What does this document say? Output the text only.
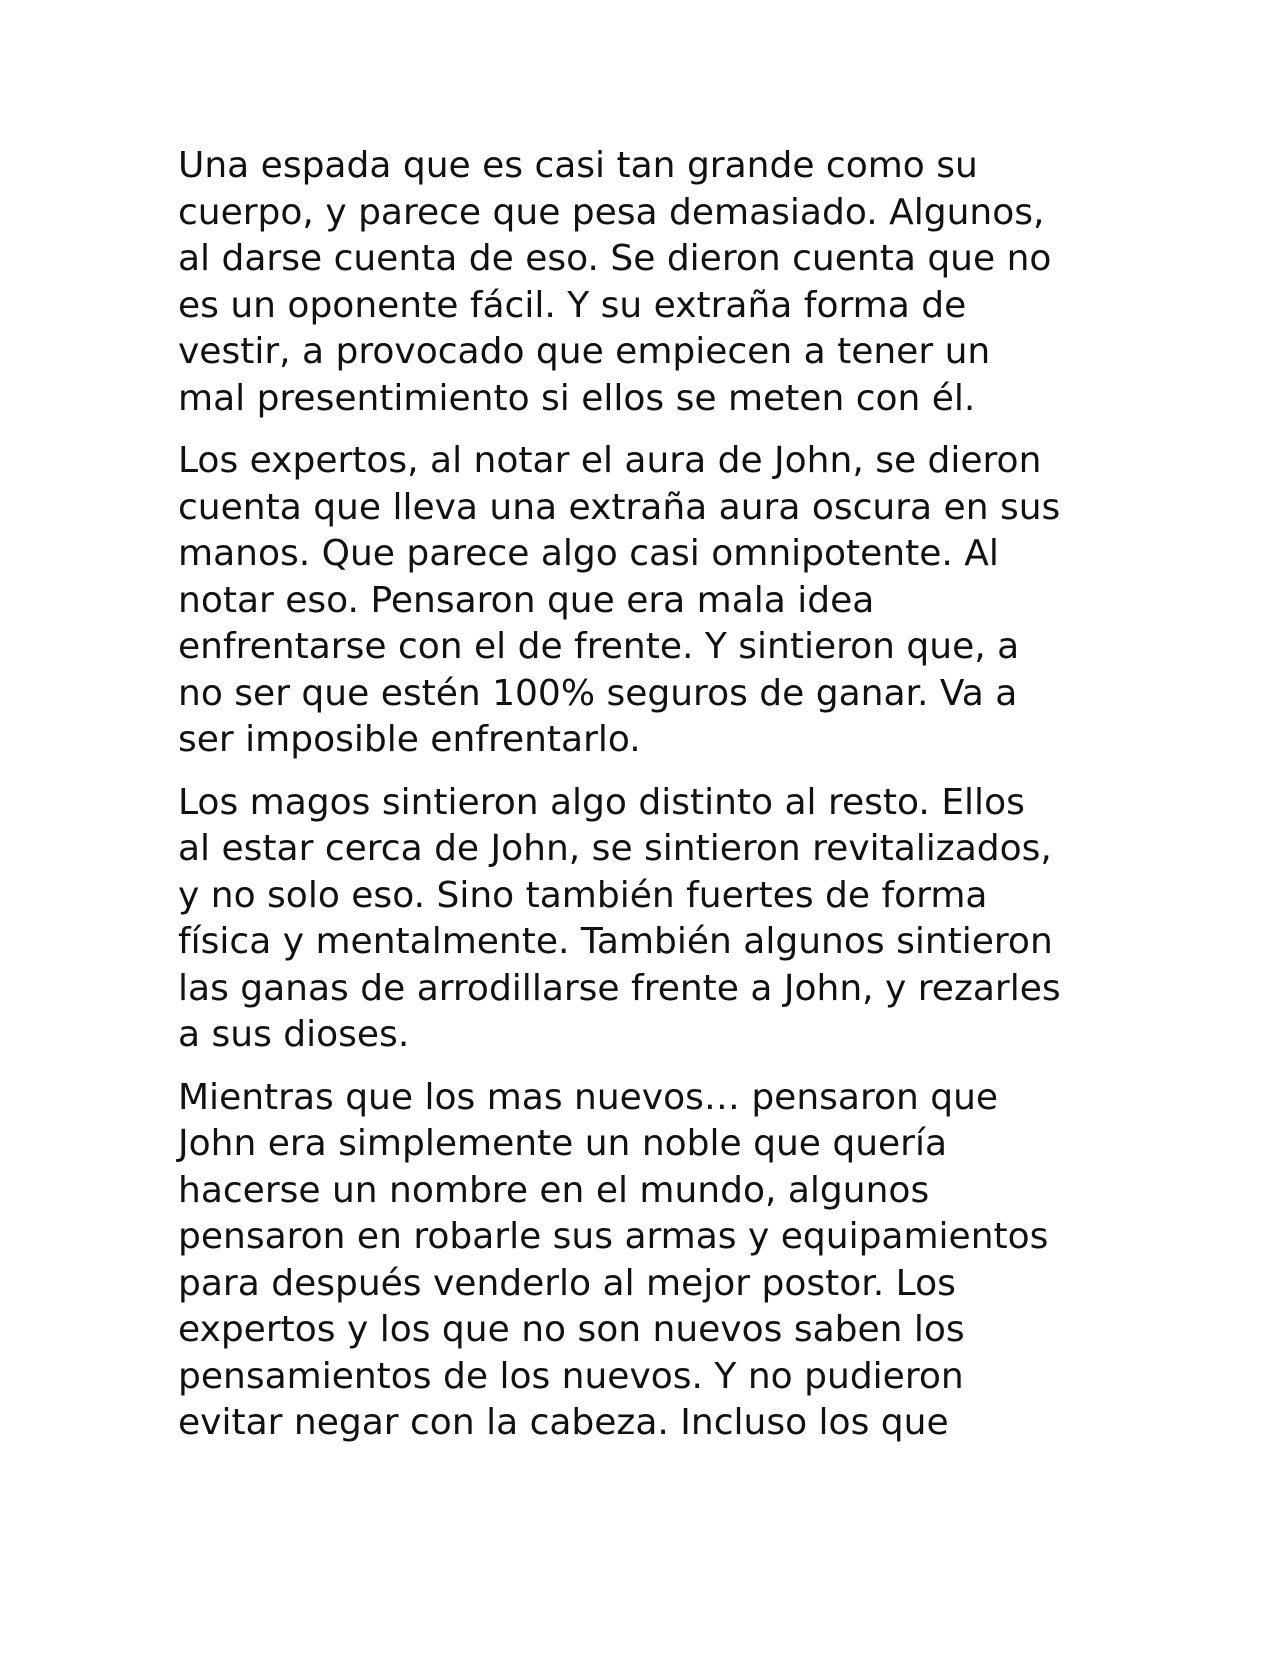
Una espada que es casi tan grande como su
cuerpo, y parece que pesa demasiado. Algunos,
al darse cuenta de eso. Se dieron cuenta que no
es un oponente fácil. Y su extraña forma de
vestir, a provocado que empiecen a tener un
mal presentimiento si ellos se meten con él.

Los expertos, al notar el aura de John, se dieron
cuenta que lleva una extraña aura oscura en sus
manos. Que parece algo casi omnipotente. Al
notar eso. Pensaron que era mala idea
enfrentarse con el de frente. Y sintieron que, a
no ser que estén 100% seguros de ganar. Va a
ser imposible enfrentarlo.

Los magos sintieron algo distinto al resto. Ellos
al estar cerca de John, se sintieron revitalizados,
y no solo eso. Sino también fuertes de forma
física y mentalmente. También algunos sintieron
las ganas de arrodillarse frente a John, y rezarles
a sus dioses.

Mientras que los mas nuevos… pensaron que
John era simplemente un noble que quería
hacerse un nombre en el mundo, algunos
pensaron en robarle sus armas y equipamientos
para después venderlo al mejor postor. Los
expertos y los que no son nuevos saben los
pensamientos de los nuevos. Y no pudieron
evitar negar con la cabeza. Incluso los que
